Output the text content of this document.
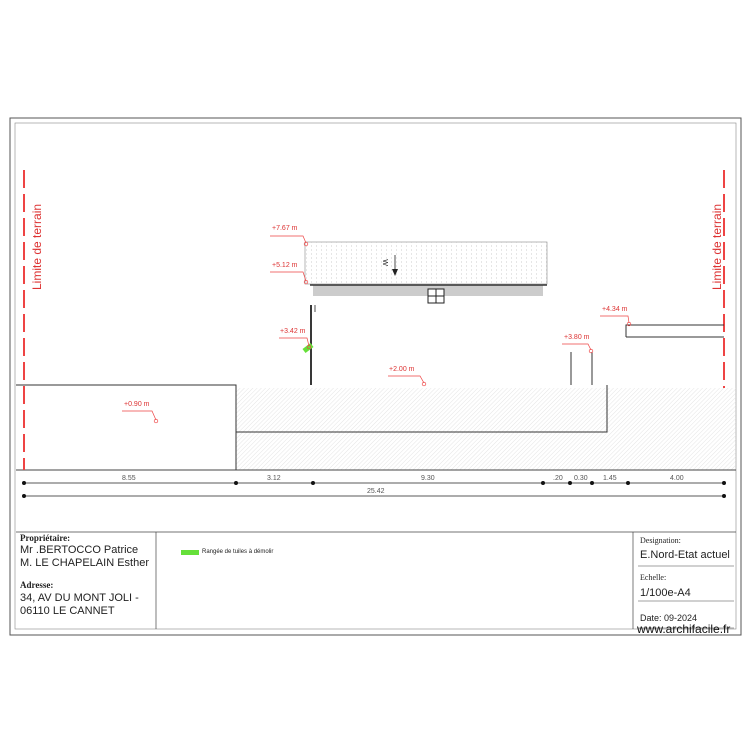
Limite de terrain	Limite de terrain
+7.67 m
+5.12 m
+3.42 m
+2.00 m
+0.90 m
+3.80 m
+4.34 m
W
8.55	3.12	9.30	.20 0.30 1.45	4.00
25.42
Propriétaire:
Mr .BERTOCCO Patrice
M. LE CHAPELAIN Esther
Adresse:
34, AV DU MONT JOLI -
06110 LE CANNET
Rangée de tuiles à démolir
Designation:
E.Nord-Etat actuel
Echelle:
1/100e-A4
Date: 09-2024
www.archifacile.fr
